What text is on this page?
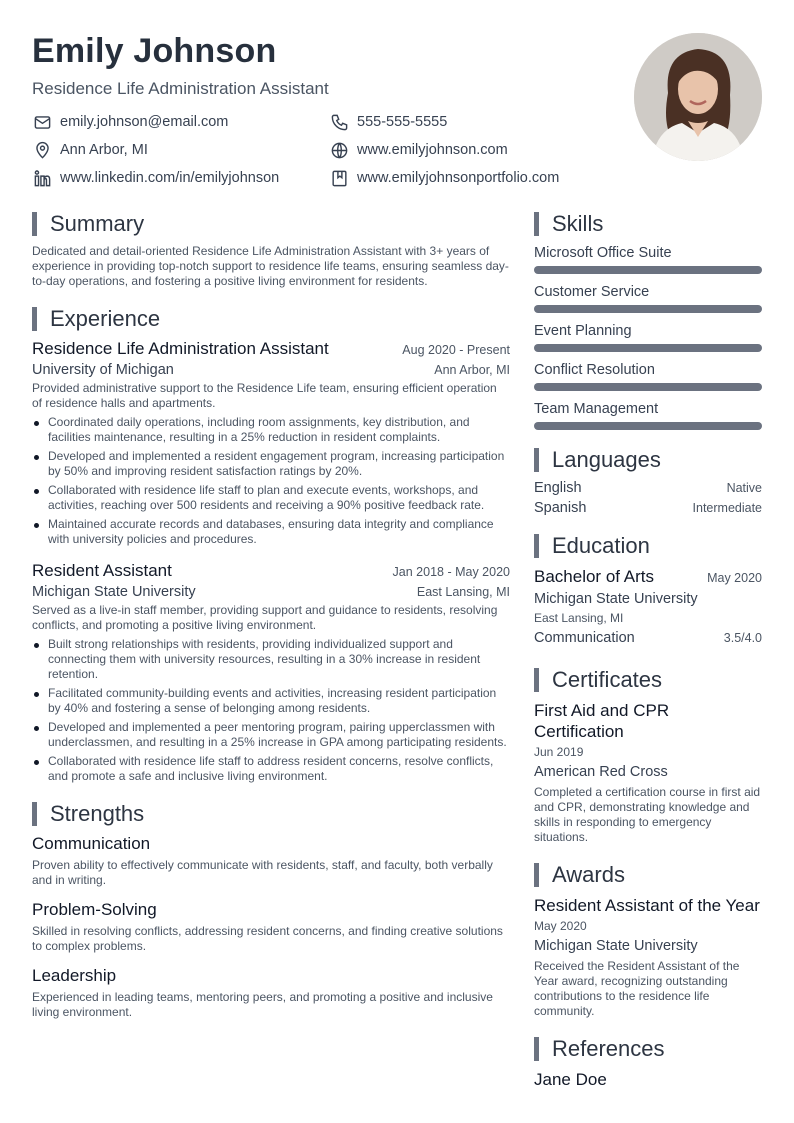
Emily Johnson
Residence Life Administration Assistant
emily.johnson@email.com	555-555-5555
Ann Arbor, MI	www.emilyjohnson.com
www.linkedin.com/in/emilyjohnson	www.emilyjohnsonportfolio.com
Summary
Dedicated and detail-oriented Residence Life Administration Assistant with 3+ years of experience in providing top-notch support to residence life teams, ensuring seamless day-to-day operations, and fostering a positive living environment for residents.
Experience
Residence Life Administration Assistant	Aug 2020 - Present
University of Michigan	Ann Arbor, MI
Provided administrative support to the Residence Life team, ensuring efficient operation of residence halls and apartments.
Coordinated daily operations, including room assignments, key distribution, and facilities maintenance, resulting in a 25% reduction in resident complaints.
Developed and implemented a resident engagement program, increasing participation by 50% and improving resident satisfaction ratings by 20%.
Collaborated with residence life staff to plan and execute events, workshops, and activities, reaching over 500 residents and receiving a 90% positive feedback rate.
Maintained accurate records and databases, ensuring data integrity and compliance with university policies and procedures.
Resident Assistant	Jan 2018 - May 2020
Michigan State University	East Lansing, MI
Served as a live-in staff member, providing support and guidance to residents, resolving conflicts, and promoting a positive living environment.
Built strong relationships with residents, providing individualized support and connecting them with university resources, resulting in a 30% increase in resident retention.
Facilitated community-building events and activities, increasing resident participation by 40% and fostering a sense of belonging among residents.
Developed and implemented a peer mentoring program, pairing upperclassmen with underclassmen, and resulting in a 25% increase in GPA among participating residents.
Collaborated with residence life staff to address resident concerns, resolve conflicts, and promote a safe and inclusive living environment.
Strengths
Communication
Proven ability to effectively communicate with residents, staff, and faculty, both verbally and in writing.
Problem-Solving
Skilled in resolving conflicts, addressing resident concerns, and finding creative solutions to complex problems.
Leadership
Experienced in leading teams, mentoring peers, and promoting a positive and inclusive living environment.
Skills
Microsoft Office Suite
Customer Service
Event Planning
Conflict Resolution
Team Management
Languages
English	Native
Spanish	Intermediate
Education
Bachelor of Arts	May 2020
Michigan State University
East Lansing, MI
Communication	3.5/4.0
Certificates
First Aid and CPR Certification
Jun 2019
American Red Cross
Completed a certification course in first aid and CPR, demonstrating knowledge and skills in responding to emergency situations.
Awards
Resident Assistant of the Year
May 2020
Michigan State University
Received the Resident Assistant of the Year award, recognizing outstanding contributions to the residence life community.
References
Jane Doe
